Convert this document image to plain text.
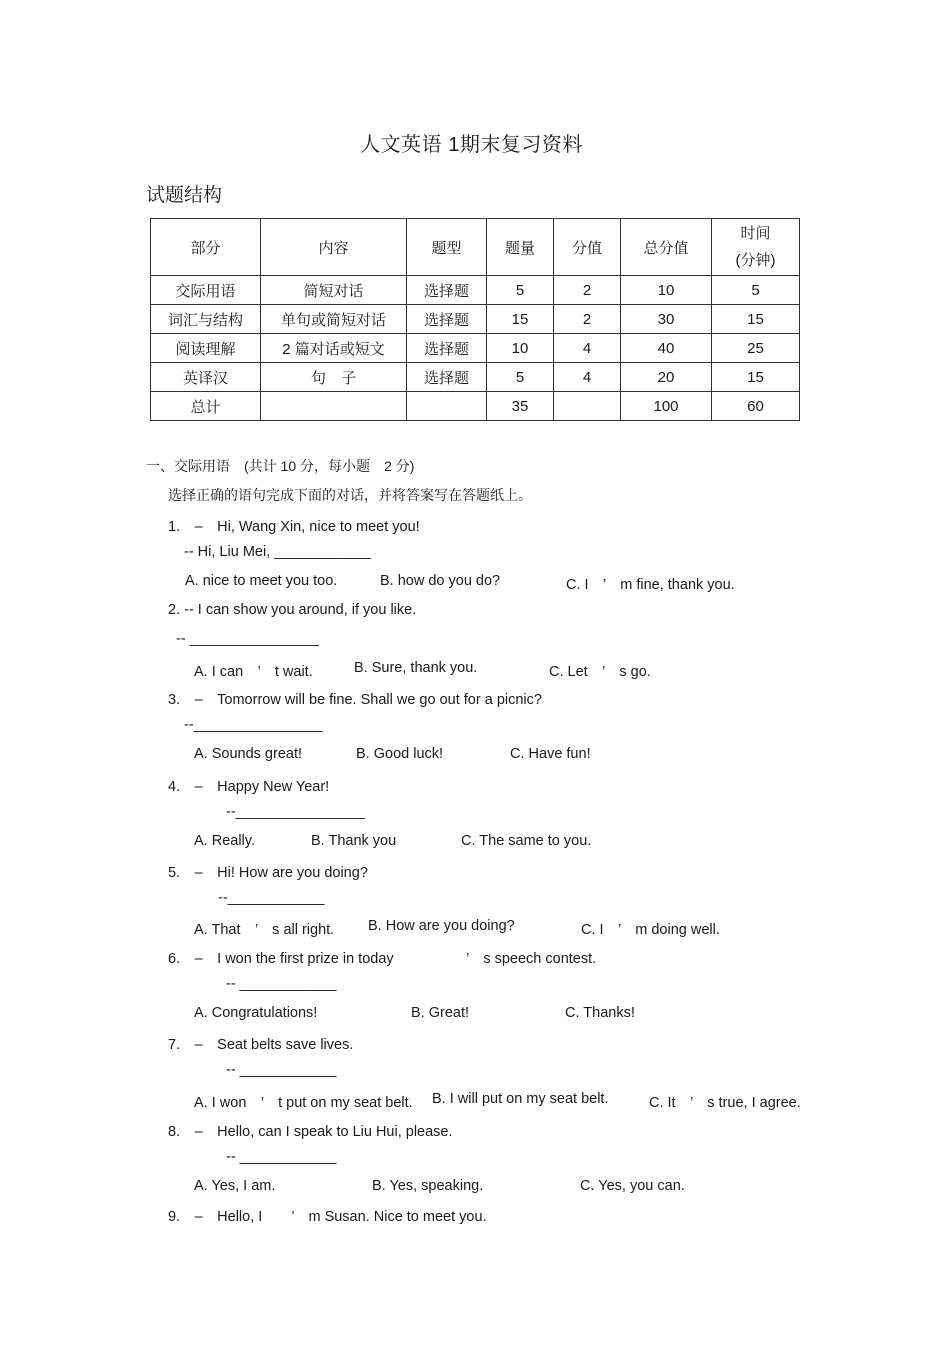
人文英语 1期末复习资料
试题结构
部分	内容	题型	题量	分值	总分值	时间
(分钟)

交际用语	简短对话	选择题	5	2	10	5
词汇与结构	单句或简短对话	选择题	15	2	30	15
阅读理解	2 篇对话或短文	选择题	10	4	40	25
英译汉	句　子	选择题	5	4	20	15
总计			35		100	60
一、交际用语　(共计 10 分，每小题　2 分)
选择正确的语句完成下面的对话，并将答案写在答题纸上。
1.　–　Hi, Wang Xin, nice to meet you!
-- Hi, Liu Mei, ____________
A. nice to meet you too.	B. how do you do?	C. I　’　m fine, thank you.
2. -- I can show you around, if you like.
-- ________________
A. I can　’　t wait.	B. Sure, thank you.	C. Let　’　s go.
3.　–　Tomorrow will be fine. Shall we go out for a picnic?
--________________
A. Sounds great!	B. Good luck!	C. Have fun!
4.　–　Happy New Year!
--________________
A. Really.	B. Thank you	C. The same to you.
5.　–　Hi! How are you doing?
--____________
A. That　’　s all right. B. How are you doing?	C. I　’　m doing well.
6.　–　I won the first prize in today　　　　　’　s speech contest.
-- ____________
A. Congratulations!	B. Great!	C. Thanks!
7.　–　Seat belts save lives.
-- ____________
A. I won　’　t put on my seat belt. B. I will put on my seat belt.	C. It　’　s true, I agree.
8.　–　Hello, can I speak to Liu Hui, please.
-- ____________
A. Yes, I am.	B. Yes, speaking.	C. Yes, you can.
9.　–　Hello, I　　’　m Susan. Nice to meet you.
